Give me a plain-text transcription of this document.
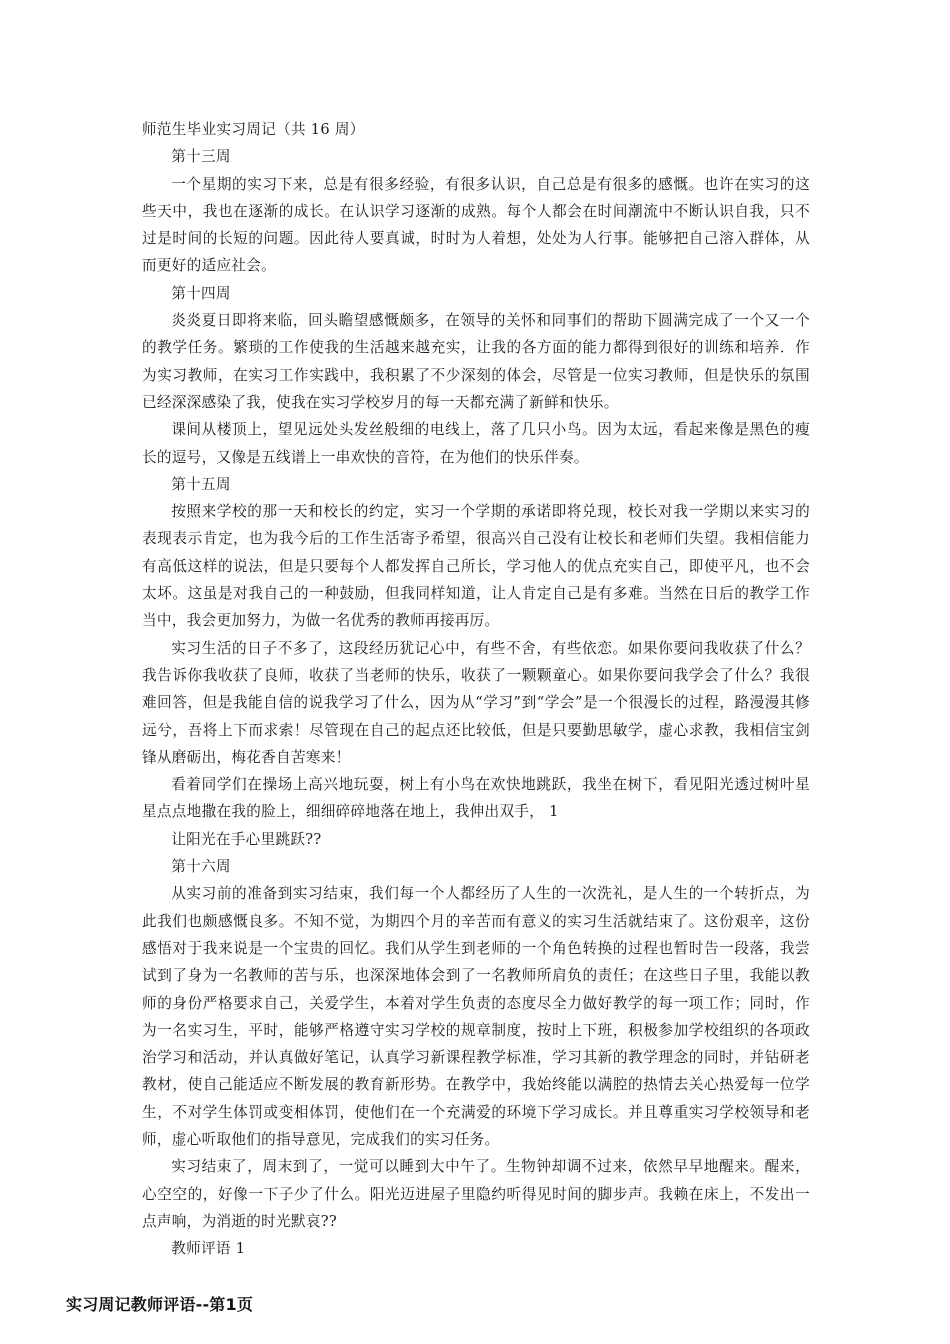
师范生毕业实习周记（共 16 周）

第十三周

一个星期的实习下来，总是有很多经验，有很多认识，自己总是有很多的感慨。也许在实习的这些天中，我也在逐渐的成长。在认识学习逐渐的成熟。每个人都会在时间潮流中不断认识自我，只不过是时间的长短的问题。因此待人要真诚，时时为人着想，处处为人行事。能够把自己溶入群体，从而更好的适应社会。

第十四周

炎炎夏日即将来临，回头瞻望感慨颇多，在领导的关怀和同事们的帮助下圆满完成了一个又一个的教学任务。繁琐的工作使我的生活越来越充实，让我的各方面的能力都得到很好的训练和培养．作为实习教师，在实习工作实践中，我积累了不少深刻的体会，尽管是一位实习教师，但是快乐的氛围已经深深感染了我，使我在实习学校岁月的每一天都充满了新鲜和快乐。

课间从楼顶上，望见远处头发丝般细的电线上，落了几只小鸟。因为太远，看起来像是黑色的瘦长的逗号，又像是五线谱上一串欢快的音符，在为他们的快乐伴奏。

第十五周

按照来学校的那一天和校长的约定，实习一个学期的承诺即将兑现，校长对我一学期以来实习的表现表示肯定，也为我今后的工作生活寄予希望，很高兴自己没有让校长和老师们失望。我相信能力有高低这样的说法，但是只要每个人都发挥自己所长，学习他人的优点充实自己，即使平凡，也不会太坏。这虽是对我自己的一种鼓励，但我同样知道，让人肯定自己是有多难。当然在日后的教学工作当中，我会更加努力，为做一名优秀的教师再接再厉。

实习生活的日子不多了，这段经历犹记心中，有些不舍，有些依恋。如果你要问我收获了什么？我告诉你我收获了良师，收获了当老师的快乐，收获了一颗颗童心。如果你要问我学会了什么？我很难回答，但是我能自信的说我学习了什么，因为从“学习”到“学会”是一个很漫长的过程，路漫漫其修远兮，吾将上下而求索！尽管现在自己的起点还比较低，但是只要勤思敏学，虚心求教，我相信宝剑锋从磨砺出，梅花香自苦寒来！

看着同学们在操场上高兴地玩耍，树上有小鸟在欢快地跳跃，我坐在树下，看见阳光透过树叶星星点点地撒在我的脸上，细细碎碎地落在地上，我伸出双手， 1

让阳光在手心里跳跃??

第十六周

从实习前的准备到实习结束，我们每一个人都经历了人生的一次洗礼，是人生的一个转折点，为此我们也颇感慨良多。不知不觉，为期四个月的辛苦而有意义的实习生活就结束了。这份艰辛，这份感悟对于我来说是一个宝贵的回忆。我们从学生到老师的一个角色转换的过程也暂时告一段落，我尝试到了身为一名教师的苦与乐，也深深地体会到了一名教师所肩负的责任；在这些日子里，我能以教师的身份严格要求自己，关爱学生，本着对学生负责的态度尽全力做好教学的每一项工作；同时，作为一名实习生，平时，能够严格遵守实习学校的规章制度，按时上下班，积极参加学校组织的各项政治学习和活动，并认真做好笔记，认真学习新课程教学标准，学习其新的教学理念的同时，并钻研老教材，使自己能适应不断发展的教育新形势。在教学中，我始终能以满腔的热情去关心热爱每一位学生，不对学生体罚或变相体罚，使他们在一个充满爱的环境下学习成长。并且尊重实习学校领导和老师，虚心听取他们的指导意见，完成我们的实习任务。

实习结束了，周末到了，一觉可以睡到大中午了。生物钟却调不过来，依然早早地醒来。醒来，心空空的，好像一下子少了什么。阳光迈进屋子里隐约听得见时间的脚步声。我赖在床上，不发出一点声响，为消逝的时光默哀??

教师评语 1

实习周记教师评语--第1页
